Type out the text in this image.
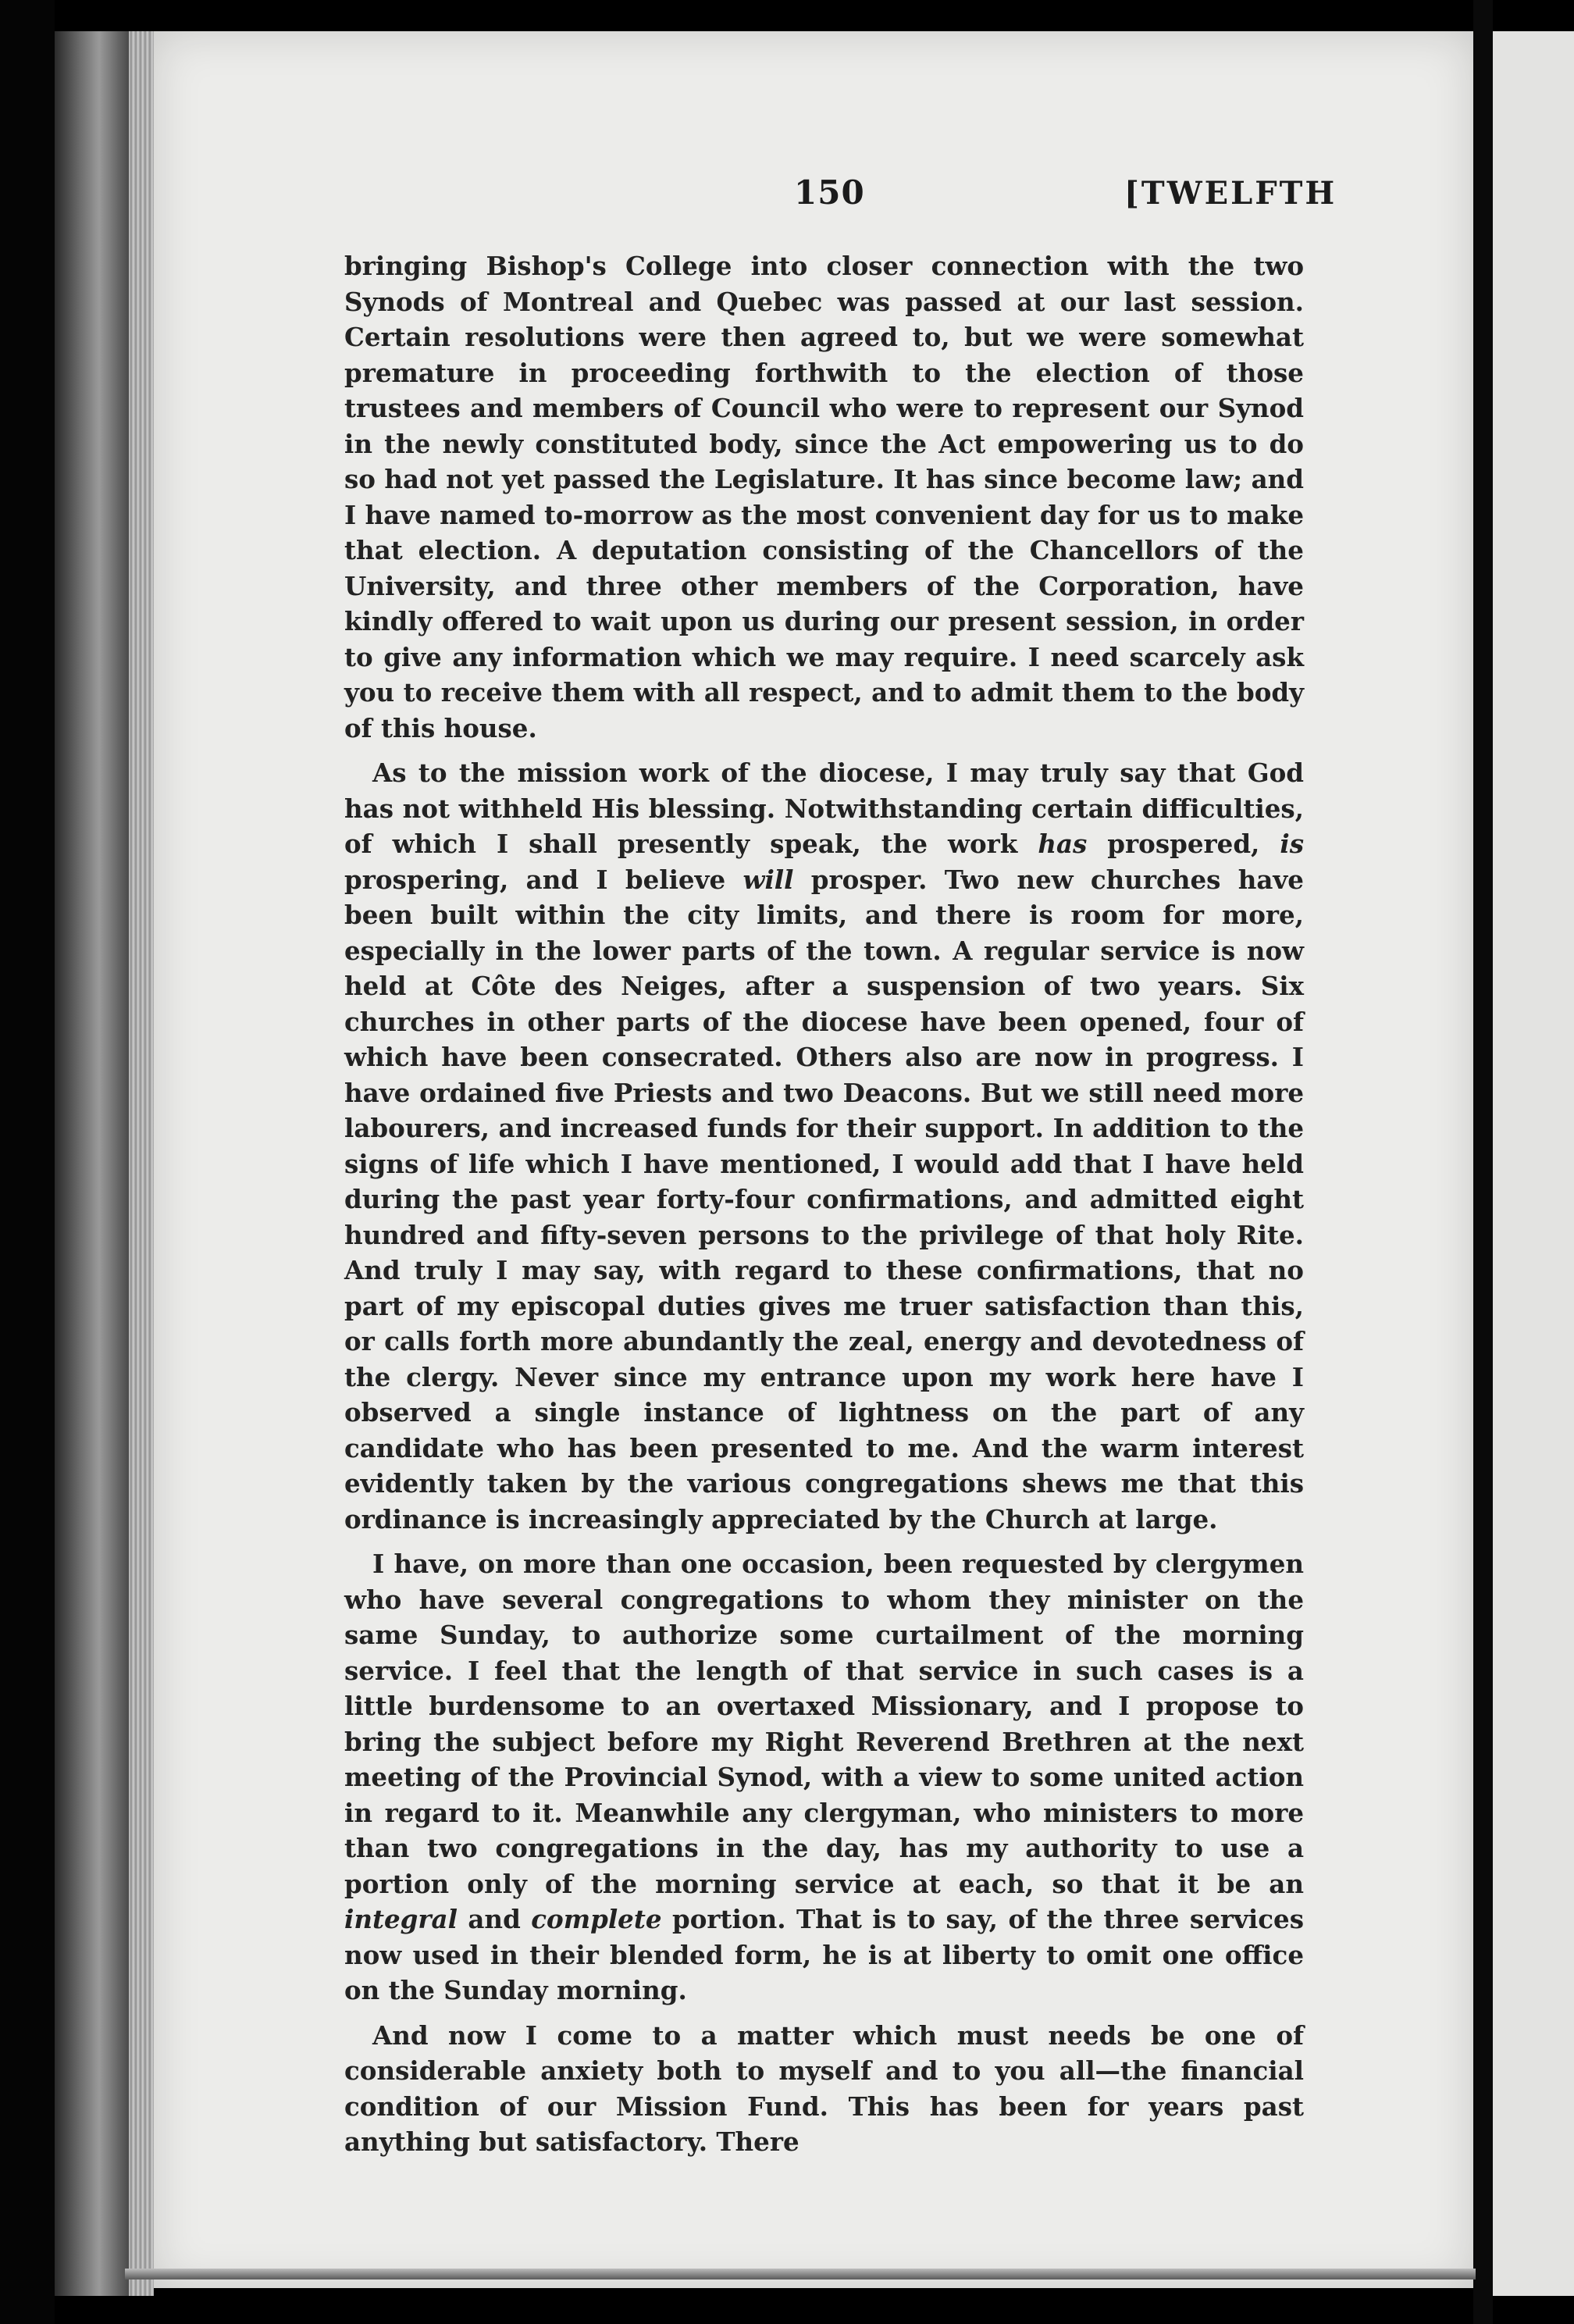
150	[TWELFTH

bringing Bishop's College into closer connection with the two Synods of Montreal and Quebec was passed at our last session. Certain resolutions were then agreed to, but we were somewhat premature in proceeding forthwith to the election of those trustees and members of Council who were to represent our Synod in the newly constituted body, since the Act empowering us to do so had not yet passed the Legislature. It has since become law; and I have named to-morrow as the most convenient day for us to make that election. A deputation consisting of the Chancellors of the University, and three other members of the Corporation, have kindly offered to wait upon us during our present session, in order to give any information which we may require. I need scarcely ask you to receive them with all respect, and to admit them to the body of this house.

As to the mission work of the diocese, I may truly say that God has not withheld His blessing. Notwithstanding certain difficulties, of which I shall presently speak, the work has prospered, is prospering, and I believe will prosper. Two new churches have been built within the city limits, and there is room for more, especially in the lower parts of the town. A regular service is now held at Côte des Neiges, after a suspension of two years. Six churches in other parts of the diocese have been opened, four of which have been consecrated. Others also are now in progress. I have ordained five Priests and two Deacons. But we still need more labourers, and increased funds for their support. In addition to the signs of life which I have mentioned, I would add that I have held during the past year forty-four confirmations, and admitted eight hundred and fifty-seven persons to the privilege of that holy Rite. And truly I may say, with regard to these confirmations, that no part of my episcopal duties gives me truer satisfaction than this, or calls forth more abundantly the zeal, energy and devotedness of the clergy. Never since my entrance upon my work here have I observed a single instance of lightness on the part of any candidate who has been presented to me. And the warm interest evidently taken by the various congregations shews me that this ordinance is increasingly appreciated by the Church at large.

I have, on more than one occasion, been requested by clergymen who have several congregations to whom they minister on the same Sunday, to authorize some curtailment of the morning service. I feel that the length of that service in such cases is a little burdensome to an overtaxed Missionary, and I propose to bring the subject before my Right Reverend Brethren at the next meeting of the Provincial Synod, with a view to some united action in regard to it. Meanwhile any clergyman, who ministers to more than two congregations in the day, has my authority to use a portion only of the morning service at each, so that it be an integral and complete portion. That is to say, of the three services now used in their blended form, he is at liberty to omit one office on the Sunday morning.

And now I come to a matter which must needs be one of considerable anxiety both to myself and to you all—the financial condition of our Mission Fund. This has been for years past anything but satisfactory. There
